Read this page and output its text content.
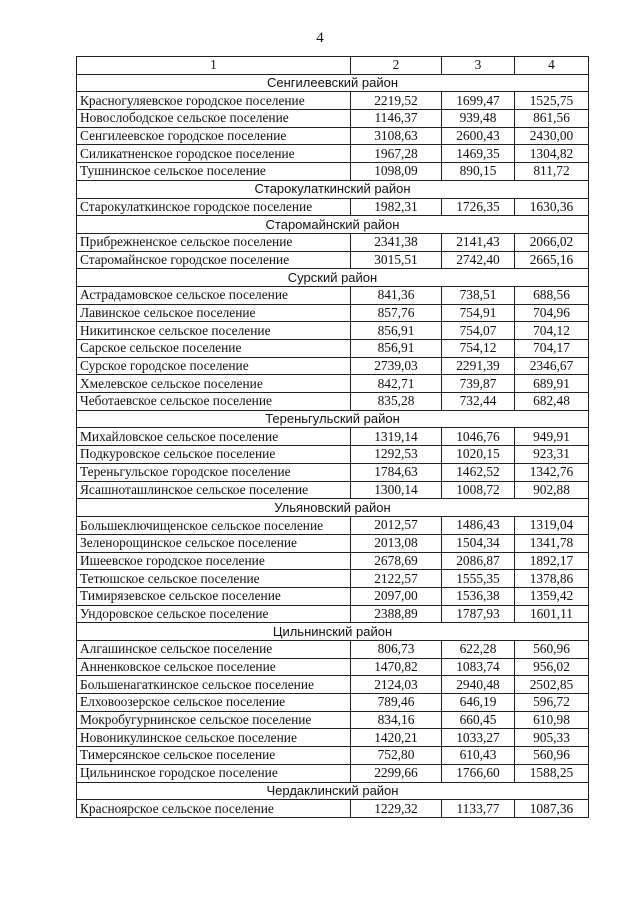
4
1	2	3	4
Сенгилеевский район			
Красногуляевское городское поселение	2219,52	1699,47	1525,75
Новослободское сельское поселение	1146,37	939,48	861,56
Сенгилеевское городское поселение	3108,63	2600,43	2430,00
Силикатненское городское поселение	1967,28	1469,35	1304,82
Тушнинское сельское поселение	1098,09	890,15	811,72
Старокулаткинский район			
Старокулаткинское городское поселение	1982,31	1726,35	1630,36
Старомайнский район			
Прибрежненское сельское поселение	2341,38	2141,43	2066,02
Старомайнское городское поселение	3015,51	2742,40	2665,16
Сурский район			
Астрадамовское сельское поселение	841,36	738,51	688,56
Лавинское сельское поселение	857,76	754,91	704,96
Никитинское сельское поселение	856,91	754,07	704,12
Сарское сельское поселение	856,91	754,12	704,17
Сурское городское поселение	2739,03	2291,39	2346,67
Хмелевское сельское поселение	842,71	739,87	689,91
Чеботаевское сельское поселение	835,28	732,44	682,48
Тереньгульский район			
Михайловское сельское поселение	1319,14	1046,76	949,91
Подкуровское сельское поселение	1292,53	1020,15	923,31
Тереньгульское городское поселение	1784,63	1462,52	1342,76
Ясашноташлинское сельское поселение	1300,14	1008,72	902,88
Ульяновский район			
Большеключищенское сельское поселение	2012,57	1486,43	1319,04
Зеленорощинское сельское поселение	2013,08	1504,34	1341,78
Ишеевское городское поселение	2678,69	2086,87	1892,17
Тетюшское сельское поселение	2122,57	1555,35	1378,86
Тимирязевское сельское поселение	2097,00	1536,38	1359,42
Ундоровское сельское поселение	2388,89	1787,93	1601,11
Цильнинский район			
Алгашинское сельское поселение	806,73	622,28	560,96
Анненковское сельское поселение	1470,82	1083,74	956,02
Большенагаткинское сельское поселение	2124,03	2940,48	2502,85
Елховоозерское сельское поселение	789,46	646,19	596,72
Мокробугурнинское сельское поселение	834,16	660,45	610,98
Новоникулинское сельское поселение	1420,21	1033,27	905,33
Тимерсянское сельское поселение	752,80	610,43	560,96
Цильнинское городское поселение	2299,66	1766,60	1588,25
Чердаклинский район			
Красноярское сельское поселение	1229,32	1133,77	1087,36
